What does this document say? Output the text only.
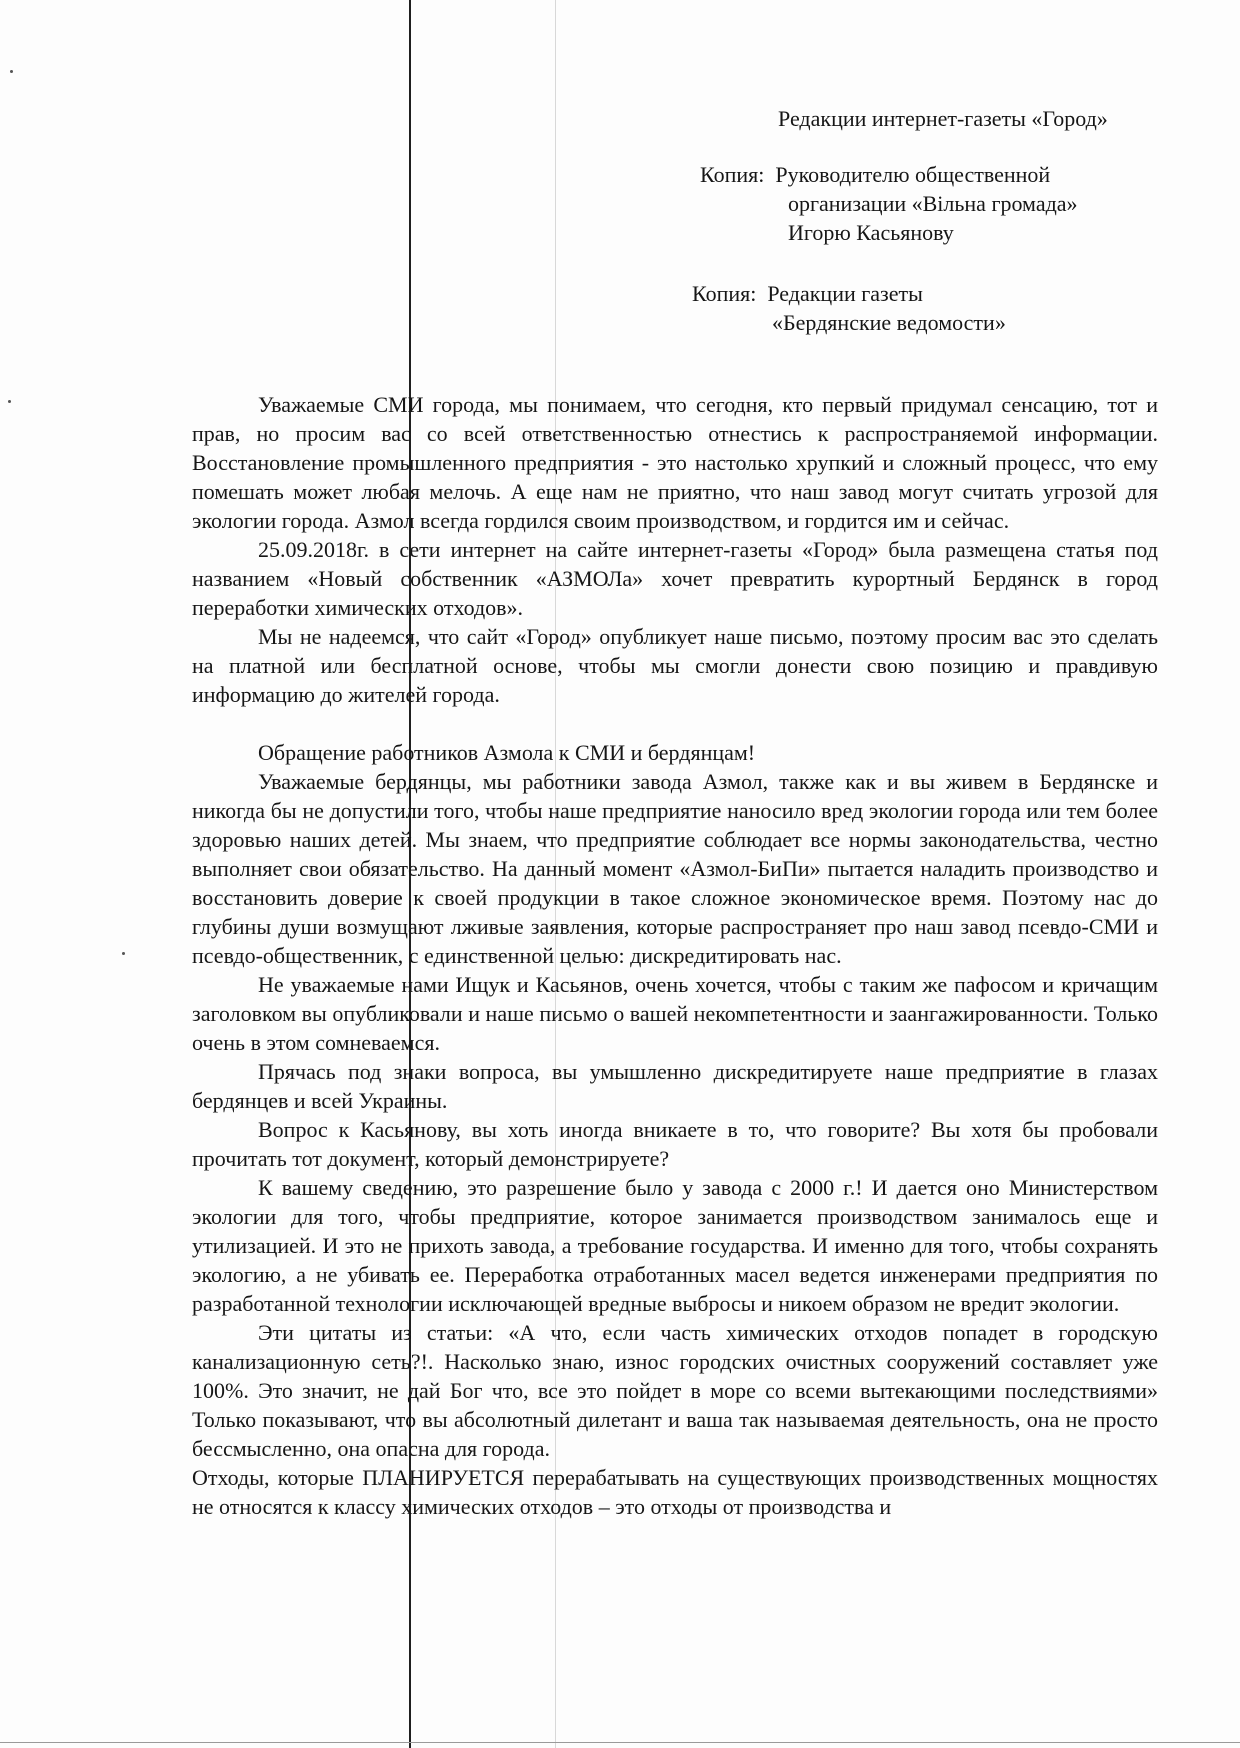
Редакции интернет-газеты «Город»
Копия: Руководителю общественной
организации «Вільна громада»
Игорю Касьянову
Копия: Редакции газеты
«Бердянские ведомости»

Уважаемые СМИ города, мы понимаем, что сегодня, кто первый придумал сенсацию, тот и прав, но просим вас со всей ответственностью отнестись к распространяемой информации. Восстановление промышленного предприятия - это настолько хрупкий и сложный процесс, что ему помешать может любая мелочь. А еще нам не приятно, что наш завод могут считать угрозой для экологии города. Азмол всегда гордился своим производством, и гордится им и сейчас.

25.09.2018г. в сети интернет на сайте интернет-газеты «Город» была размещена статья под названием «Новый собственник «АЗМОЛа» хочет превратить курортный Бердянск в город переработки химических отходов».

Мы не надеемся, что сайт «Город» опубликует наше письмо, поэтому просим вас это сделать на платной или бесплатной основе, чтобы мы смогли донести свою позицию и правдивую информацию до жителей города.

Обращение работников Азмола к СМИ и бердянцам!

Уважаемые бердянцы, мы работники завода Азмол, также как и вы живем в Бердянске и никогда бы не допустили того, чтобы наше предприятие наносило вред экологии города или тем более здоровью наших детей. Мы знаем, что предприятие соблюдает все нормы законодательства, честно выполняет свои обязательство. На данный момент «Азмол-БиПи» пытается наладить производство и восстановить доверие к своей продукции в такое сложное экономическое время. Поэтому нас до глубины души возмущают лживые заявления, которые распространяет про наш завод псевдо-СМИ и псевдо-общественник, с единственной целью: дискредитировать нас.

Не уважаемые нами Ищук и Касьянов, очень хочется, чтобы с таким же пафосом и кричащим заголовком вы опубликовали и наше письмо о вашей некомпетентности и заангажированности. Только очень в этом сомневаемся.

Прячась под знаки вопроса, вы умышленно дискредитируете наше предприятие в глазах бердянцев и всей Украины.

Вопрос к Касьянову, вы хоть иногда вникаете в то, что говорите? Вы хотя бы пробовали прочитать тот документ, который демонстрируете?

К вашему сведению, это разрешение было у завода с 2000 г.! И дается оно Министерством экологии для того, чтобы предприятие, которое занимается производством занималось еще и утилизацией. И это не прихоть завода, а требование государства. И именно для того, чтобы сохранять экологию, а не убивать ее. Переработка отработанных масел ведется инженерами предприятия по разработанной технологии исключающей вредные выбросы и никоем образом не вредит экологии.

Эти цитаты из статьи: «А что, если часть химических отходов попадет в городскую канализационную сеть?!. Насколько знаю, износ городских очистных сооружений составляет уже 100%. Это значит, не дай Бог что, все это пойдет в море со всеми вытекающими последствиями» Только показывают, что вы абсолютный дилетант и ваша так называемая деятельность, она не просто бессмысленно, она опасна для города.

Отходы, которые ПЛАНИРУЕТСЯ перерабатывать на существующих производственных мощностях не относятся к классу химических отходов – это отходы от производства и
